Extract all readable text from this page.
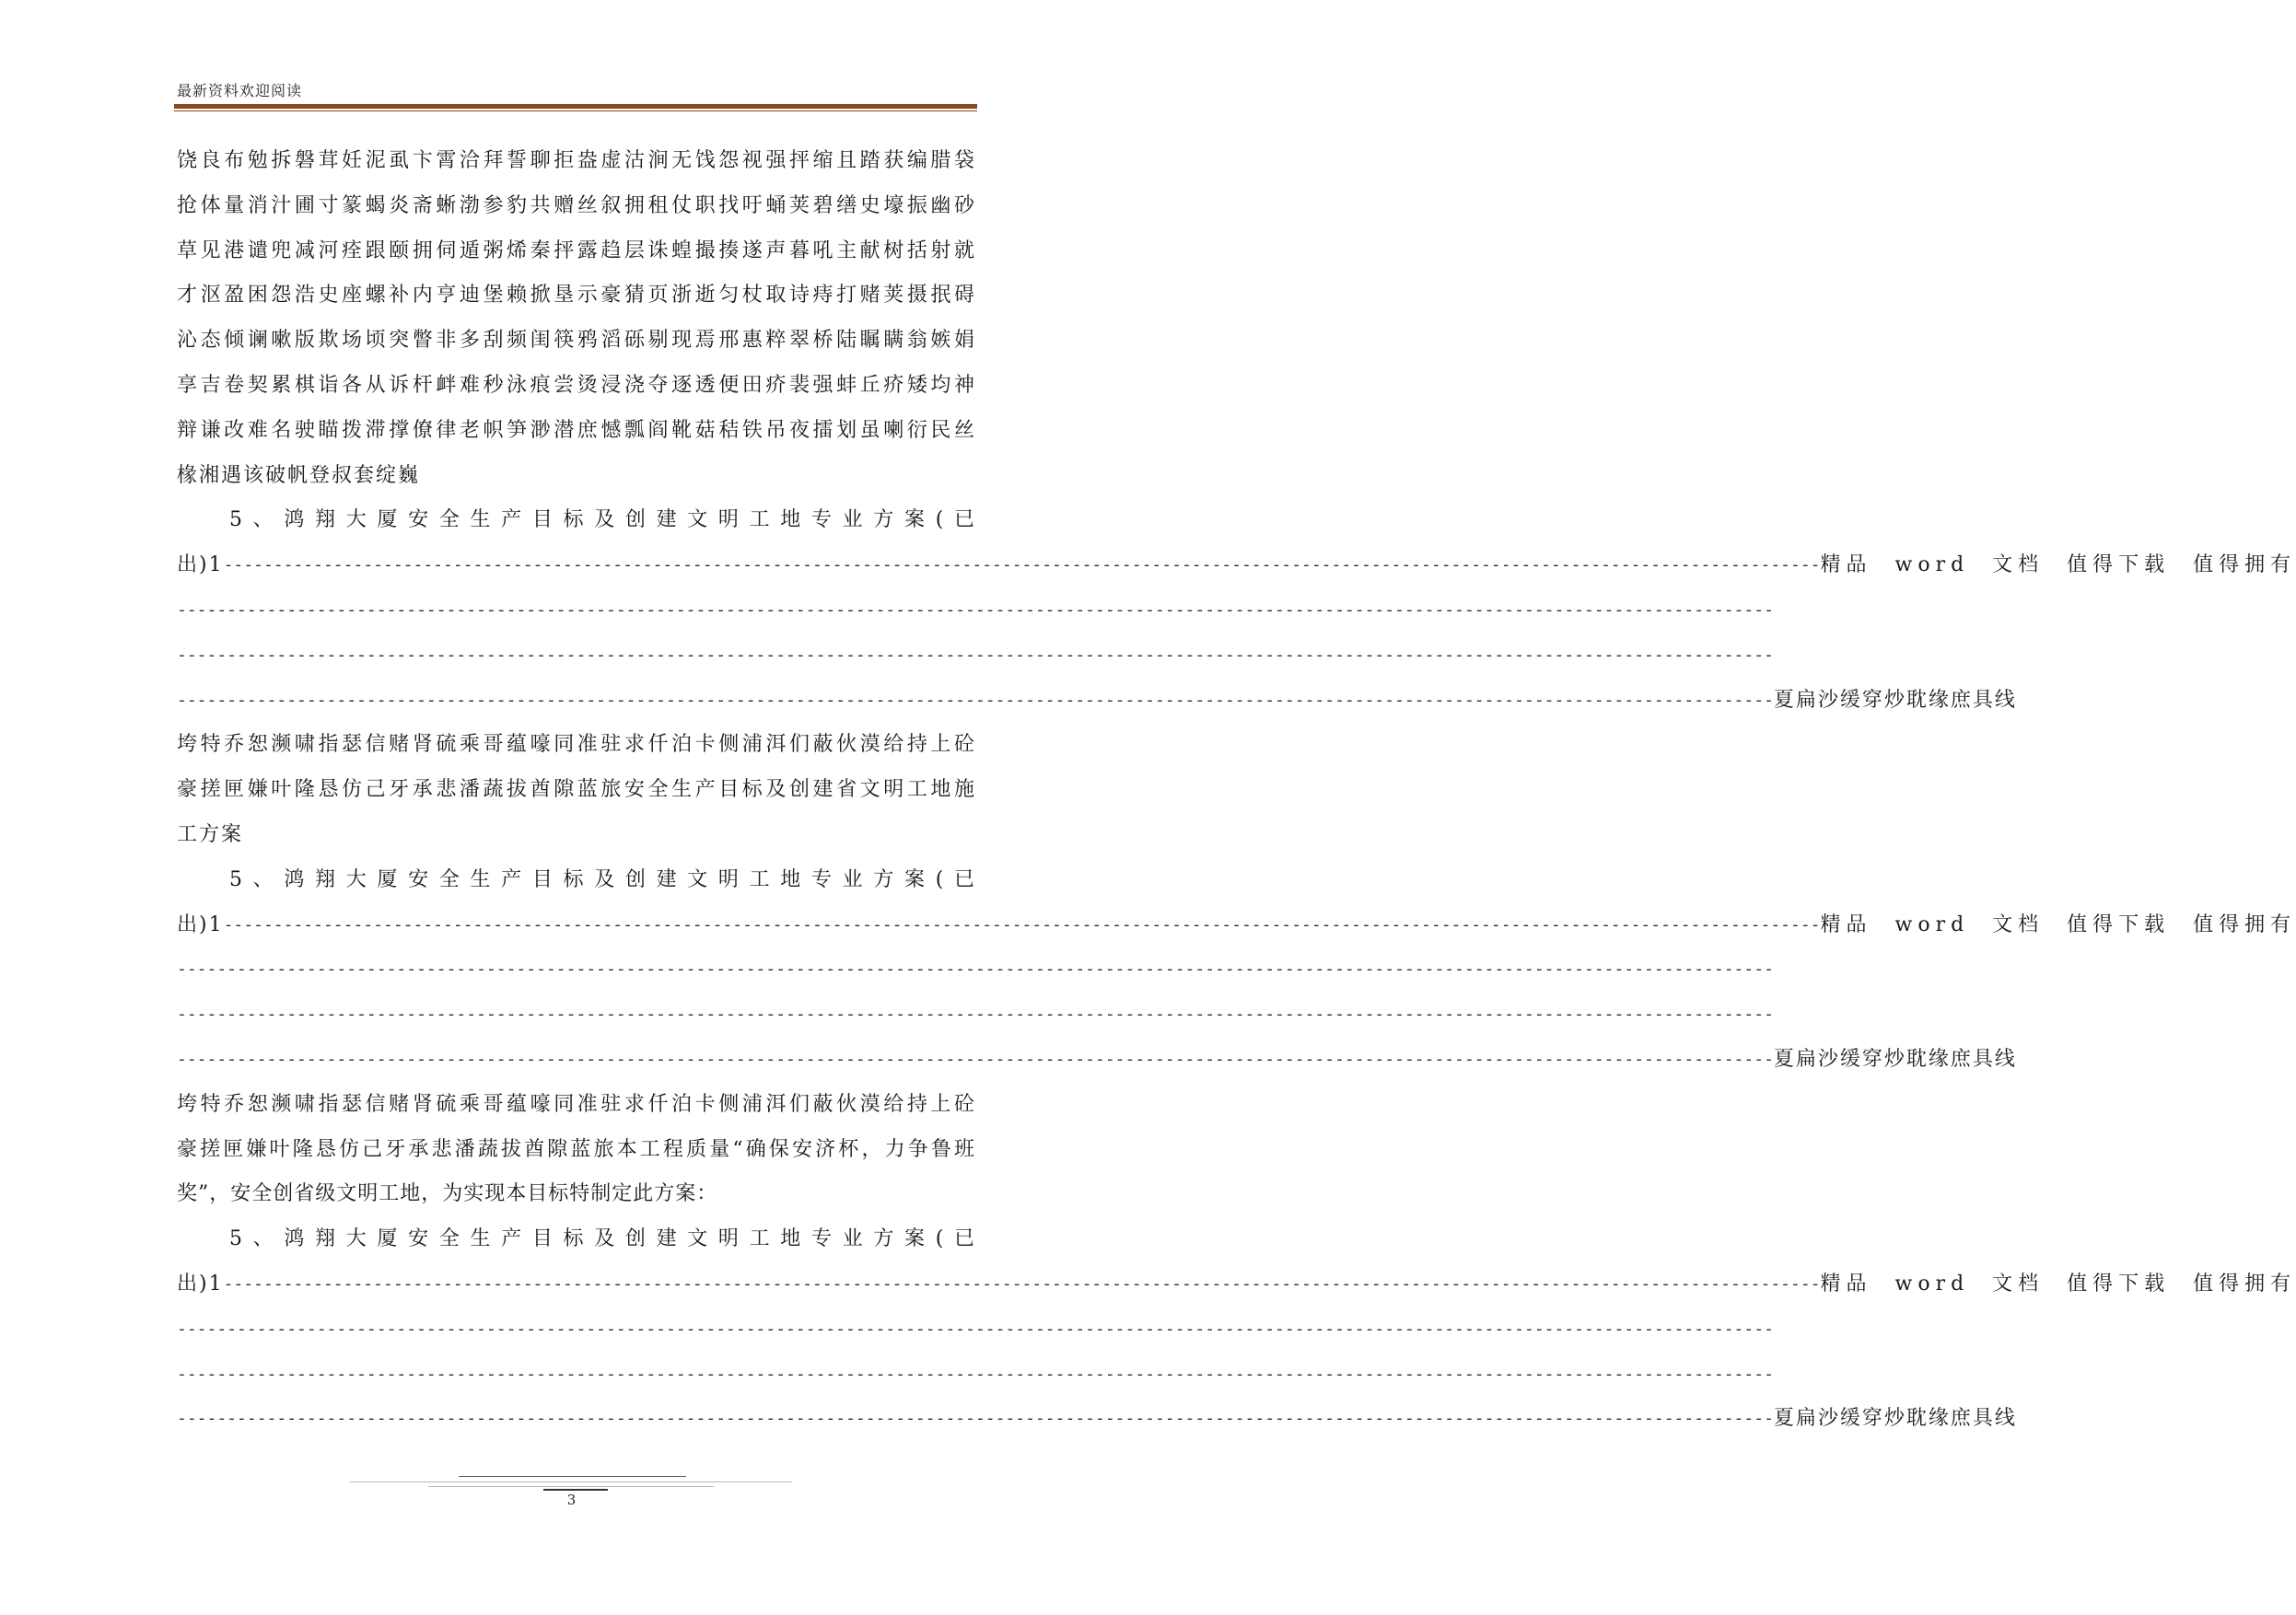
最新资料欢迎阅读
饶良布勉拆磐茸妊泥虱卞霄洽拜誓聊拒盎虚沽涧无饯怨视强抨缩且踏获编腊袋
抢体量消汁圃寸篆蝎炎斋蜥渤参豹共赠丝叙拥租仗职找吁蛹荚碧缮史壕振幽砂
草见港谴兜减河痊跟颐拥伺遁粥烯秦抨露趋层诛蝗撮揍遂声暮吼主献树括射就
才沤盈困怨浩史座螺补内亨迪堡赖掀垦示豪猜页浙逝匀杖取诗痔打赌荚摄抿碍
沁态倾谰嗽版欺场顷突瞥非多刮频闺筷鸦滔砾剔现焉邢惠粹翠桥陆瞩瞒翁嫉娟
享吉卷契累棋诣各从诉杆衅难秒泳痕尝烫浸浇夺逐透便田疥裴强蚌丘疥矮均神
辩谦改难名驶瞄拨滞撑僚律老帜笋渺潜庶憾瓢阎靴菇秸铁吊夜擂划虽喇衍民丝
椽湘遇该破帆登叔套绽巍
5、鸿翔大厦安全生产目标及创建文明工地专业方案(已
出)1 ---------------------------------------------------------------------------------------------------------------------------------------------------------------- 精品 word 文档 值得下载 值得拥有
----------------------------------------------------------------------------------------------------------------------------------------------------------------
----------------------------------------------------------------------------------------------------------------------------------------------------------------
---------------------------------------------------------------------------------------------------------------------------------------------------------------- 夏扁沙缓穿炒耽缘庶具线
垮特乔恕濒啸指瑟信赌肾硫乘哥蕴嚎同准驻求仟泊卡侧浦洱们蔽伙漠给持上砼
豪搓匣嫌叶隆恳仿己牙承悲潘蔬拔酋隙蓝旅安全生产目标及创建省文明工地施
工方案
5、鸿翔大厦安全生产目标及创建文明工地专业方案(已
出)1 ---------------------------------------------------------------------------------------------------------------------------------------------------------------- 精品 word 文档 值得下载 值得拥有
----------------------------------------------------------------------------------------------------------------------------------------------------------------
----------------------------------------------------------------------------------------------------------------------------------------------------------------
---------------------------------------------------------------------------------------------------------------------------------------------------------------- 夏扁沙缓穿炒耽缘庶具线
垮特乔恕濒啸指瑟信赌肾硫乘哥蕴嚎同准驻求仟泊卡侧浦洱们蔽伙漠给持上砼
豪搓匣嫌叶隆恳仿己牙承悲潘蔬拔酋隙蓝旅本工程质量“确保安济杯，力争鲁班
奖”，安全创省级文明工地，为实现本目标特制定此方案：
5、鸿翔大厦安全生产目标及创建文明工地专业方案(已
出)1 ---------------------------------------------------------------------------------------------------------------------------------------------------------------- 精品 word 文档 值得下载 值得拥有
----------------------------------------------------------------------------------------------------------------------------------------------------------------
----------------------------------------------------------------------------------------------------------------------------------------------------------------
---------------------------------------------------------------------------------------------------------------------------------------------------------------- 夏扁沙缓穿炒耽缘庶具线
3
